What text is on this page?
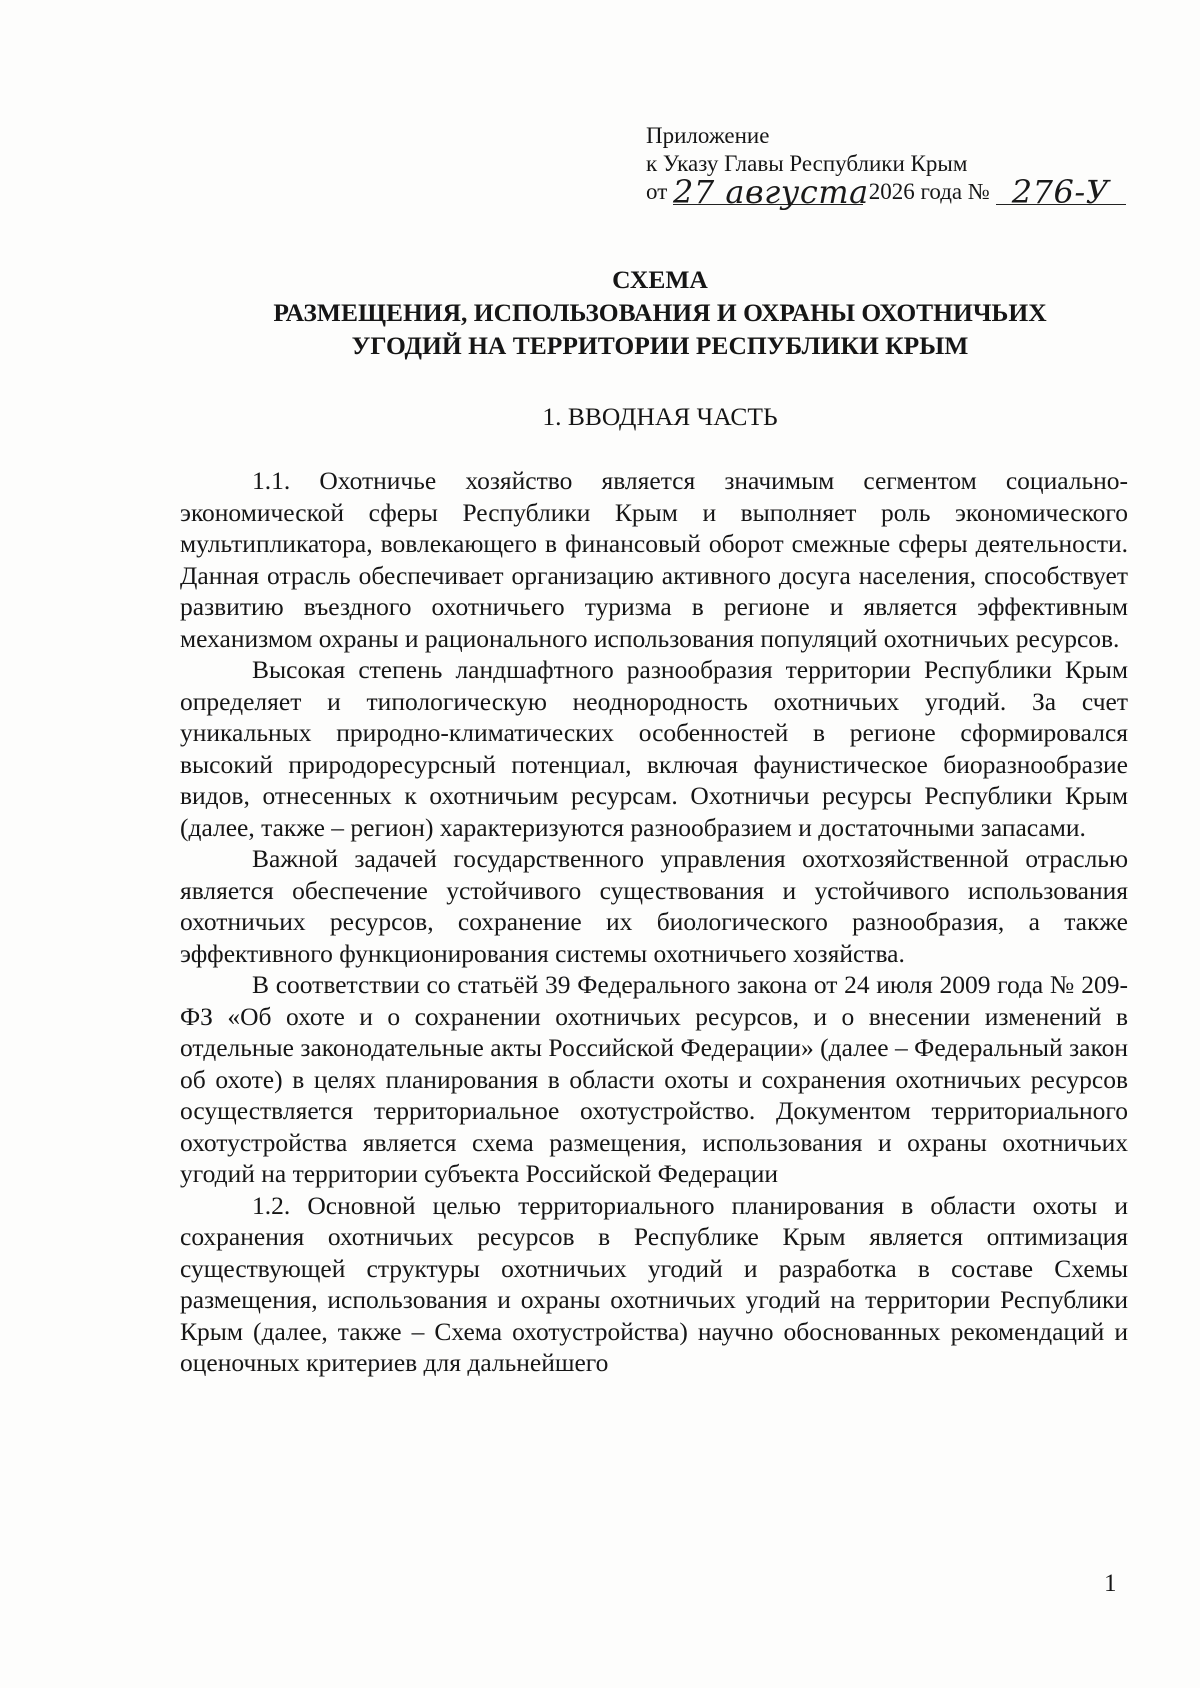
Приложение
к Указу Главы Республики Крым
от 27 августа 2026 года № 276-У
СХЕМА
РАЗМЕЩЕНИЯ, ИСПОЛЬЗОВАНИЯ И ОХРАНЫ ОХОТНИЧЬИХ
УГОДИЙ НА ТЕРРИТОРИИ РЕСПУБЛИКИ КРЫМ
1. ВВОДНАЯ ЧАСТЬ

1.1. Охотничье хозяйство является значимым сегментом социально-экономической сферы Республики Крым и выполняет роль экономического мультипликатора, вовлекающего в финансовый оборот смежные сферы деятельности. Данная отрасль обеспечивает организацию активного досуга населения, способствует развитию въездного охотничьего туризма в регионе и является эффективным механизмом охраны и рационального использования популяций охотничьих ресурсов.

Высокая степень ландшафтного разнообразия территории Республики Крым определяет и типологическую неоднородность охотничьих угодий. За счет уникальных природно-климатических особенностей в регионе сформировался высокий природоресурсный потенциал, включая фаунистическое биоразнообразие видов, отнесенных к охотничьим ресурсам. Охотничьи ресурсы Республики Крым (далее, также – регион) характеризуются разнообразием и достаточными запасами.

Важной задачей государственного управления охотхозяйственной отраслью является обеспечение устойчивого существования и устойчивого использования охотничьих ресурсов, сохранение их биологического разнообразия, а также эффективного функционирования системы охотничьего хозяйства.

В соответствии со статьёй 39 Федерального закона от 24 июля 2009 года № 209-ФЗ «Об охоте и о сохранении охотничьих ресурсов, и о внесении изменений в отдельные законодательные акты Российской Федерации» (далее – Федеральный закон об охоте) в целях планирования в области охоты и сохранения охотничьих ресурсов осуществляется территориальное охотустройство. Документом территориального охотустройства является схема размещения, использования и охраны охотничьих угодий на территории субъекта Российской Федерации

1.2. Основной целью территориального планирования в области охоты и сохранения охотничьих ресурсов в Республике Крым является оптимизация существующей структуры охотничьих угодий и разработка в составе Схемы размещения, использования и охраны охотничьих угодий на территории Республики Крым (далее, также – Схема охотустройства) научно обоснованных рекомендаций и оценочных критериев для дальнейшего

1
